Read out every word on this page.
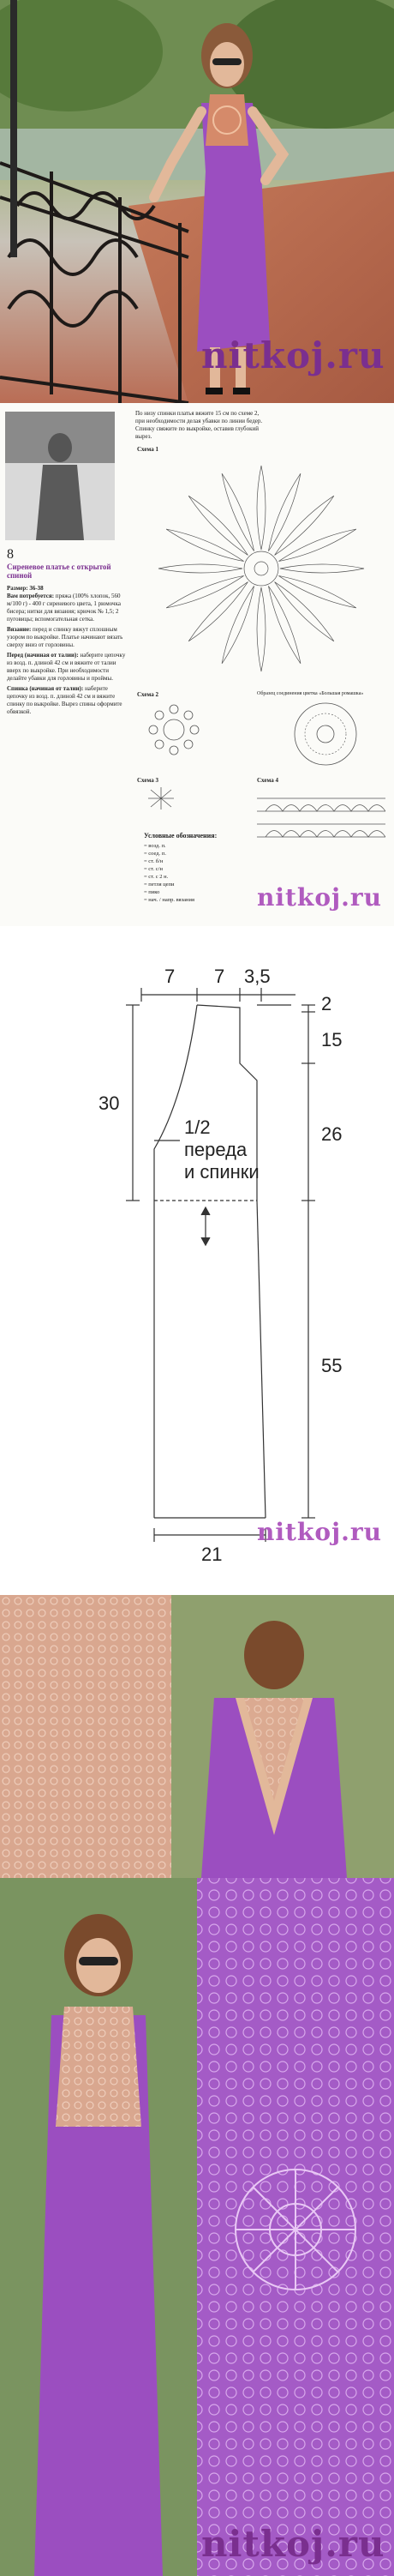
nitkoj.ru
8
Сиреневое платье с открытой
спиной
Размер: 36-38
Вам потребуется: пряжа (100% хлопок, 560 м/100 г) - 400 г сиреневого цвета, 1 рюмочка бисера; нитки для вязания; крючок № 1,5; 2 пуговицы; вспомогательная сетка.
Вязание: перед и спинку вяжут сплошным узором по выкройке. Платье начинают вязать сверху вниз от горловины.
Перед (начиная от талии): наберите цепочку из возд. п. длиной 42 см и вяжите от талии вверх по выкройке. При необходимости делайте убавки для горловины и проймы.
Спинка (начиная от талии): наберите цепочку из возд. п. длиной 42 см и вяжите спинку по выкройке. Вырез спины оформите обвязкой.
По низу спинки платья вяжите 15 см по схеме 2, при необходимости делая убавки по линии бедер.
Спинку свяжите по выкройке, оставив глубокий вырез.
Схема 1
Схема 2	Образец соединения цветка «Большая ромашка»
Схема 3	Схема 4
Условные обозначения:
= возд. п.
= соед. п.
= ст. б/н
= ст. с/н
= ст. с 2 н.
= петля цепи
= пико
= нач. / напр. вязания	nitkoj.ru
7 7 3,5
2
15
26
55
30
21
1/2
переда
и спинки
nitkoj.ru
nitkoj.ru
